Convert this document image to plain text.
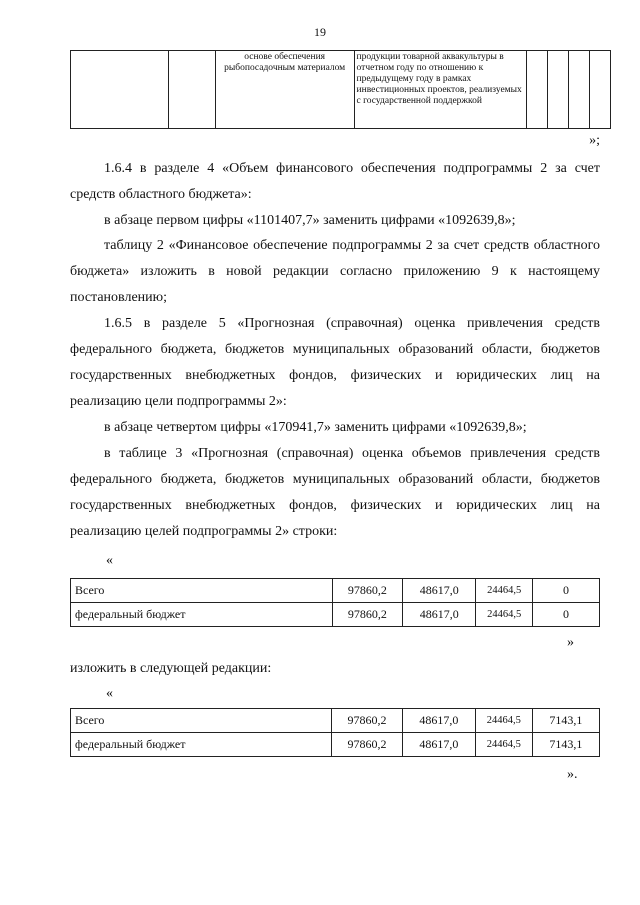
19
		основе обеспечения рыбопосадочным материалом	продукции товарной аквакультуры в отчетном году по отношению к предыдущему году в рамках инвестиционных проектов, реализуемых с государственной поддержкой				

»;

1.6.4 в разделе 4 «Объем финансового обеспечения подпрограммы 2 за счет средств областного бюджета»:

в абзаце первом цифры «1101407,7» заменить цифрами «1092639,8»;

таблицу 2 «Финансовое обеспечение подпрограммы 2 за счет средств областного бюджета» изложить в новой редакции согласно приложению 9 к настоящему постановлению;

1.6.5 в разделе 5 «Прогнозная (справочная) оценка привлечения средств федерального бюджета, бюджетов муниципальных образований области, бюджетов государственных внебюджетных фондов, физических и юридических лиц на реализацию цели подпрограммы 2»:

в абзаце четвертом цифры «170941,7» заменить цифрами «1092639,8»;

в таблице 3 «Прогнозная (справочная) оценка объемов привлечения средств федерального бюджета, бюджетов муниципальных образований области, бюджетов государственных внебюджетных фондов, физических и юридических лиц на реализацию целей подпрограммы 2» строки:

«

Всего	97860,2	48617,0	24464,5	0
федеральный бюджет	97860,2	48617,0	24464,5	0

»

изложить в следующей редакции:

«

Всего	97860,2	48617,0	24464,5	7143,1
федеральный бюджет	97860,2	48617,0	24464,5	7143,1

».
